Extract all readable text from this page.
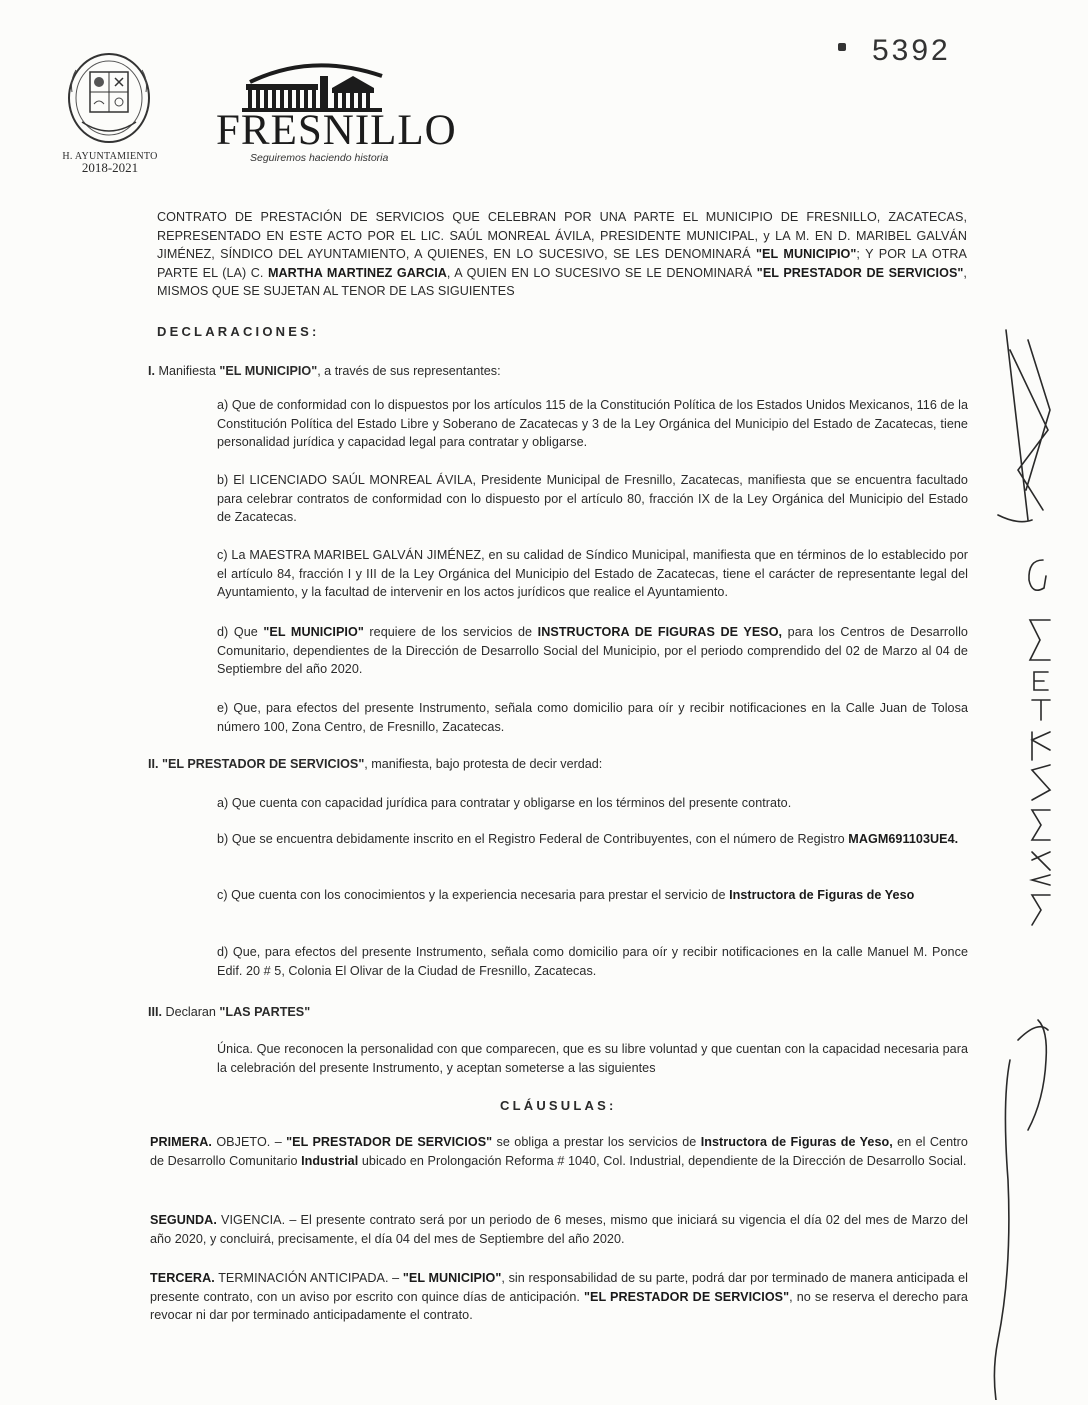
H. AYUNTAMIENTO
2018-2021
FRESNILLO
Seguiremos haciendo historia
5392
CONTRATO DE PRESTACIÓN DE SERVICIOS QUE CELEBRAN POR UNA PARTE EL MUNICIPIO DE FRESNILLO, ZACATECAS, REPRESENTADO EN ESTE ACTO POR EL LIC. SAÚL MONREAL ÁVILA, PRESIDENTE MUNICIPAL, y LA M. EN D. MARIBEL GALVÁN JIMÉNEZ, SÍNDICO DEL AYUNTAMIENTO, A QUIENES, EN LO SUCESIVO, SE LES DENOMINARÁ "EL MUNICIPIO"; Y POR LA OTRA PARTE EL (LA) C. MARTHA MARTINEZ GARCIA, A QUIEN EN LO SUCESIVO SE LE DENOMINARÁ "EL PRESTADOR DE SERVICIOS", MISMOS QUE SE SUJETAN AL TENOR DE LAS SIGUIENTES
DECLARACIONES:
I. Manifiesta "EL MUNICIPIO", a través de sus representantes:
a) Que de conformidad con lo dispuestos por los artículos 115 de la Constitución Política de los Estados Unidos Mexicanos, 116 de la Constitución Política del Estado Libre y Soberano de Zacatecas y 3 de la Ley Orgánica del Municipio del Estado de Zacatecas, tiene personalidad jurídica y capacidad legal para contratar y obligarse.
b) El LICENCIADO SAÚL MONREAL ÁVILA, Presidente Municipal de Fresnillo, Zacatecas, manifiesta que se encuentra facultado para celebrar contratos de conformidad con lo dispuesto por el artículo 80, fracción IX de la Ley Orgánica del Municipio del Estado de Zacatecas.
c) La MAESTRA MARIBEL GALVÁN JIMÉNEZ, en su calidad de Síndico Municipal, manifiesta que en términos de lo establecido por el artículo 84, fracción I y III de la Ley Orgánica del Municipio del Estado de Zacatecas, tiene el carácter de representante legal del Ayuntamiento, y la facultad de intervenir en los actos jurídicos que realice el Ayuntamiento.
d) Que "EL MUNICIPIO" requiere de los servicios de INSTRUCTORA DE FIGURAS DE YESO, para los Centros de Desarrollo Comunitario, dependientes de la Dirección de Desarrollo Social del Municipio, por el periodo comprendido del 02 de Marzo al 04 de Septiembre del año 2020.
e) Que, para efectos del presente Instrumento, señala como domicilio para oír y recibir notificaciones en la Calle Juan de Tolosa número 100, Zona Centro, de Fresnillo, Zacatecas.
II. "EL PRESTADOR DE SERVICIOS", manifiesta, bajo protesta de decir verdad:
a) Que cuenta con capacidad jurídica para contratar y obligarse en los términos del presente contrato.
b) Que se encuentra debidamente inscrito en el Registro Federal de Contribuyentes, con el número de Registro MAGM691103UE4.
c) Que cuenta con los conocimientos y la experiencia necesaria para prestar el servicio de Instructora de Figuras de Yeso
d) Que, para efectos del presente Instrumento, señala como domicilio para oír y recibir notificaciones en la calle Manuel M. Ponce Edif. 20 # 5, Colonia El Olivar de la Ciudad de Fresnillo, Zacatecas.
III. Declaran "LAS PARTES"
Única. Que reconocen la personalidad con que comparecen, que es su libre voluntad y que cuentan con la capacidad necesaria para la celebración del presente Instrumento, y aceptan someterse a las siguientes
CLÁUSULAS:
PRIMERA. OBJETO. – "EL PRESTADOR DE SERVICIOS" se obliga a prestar los servicios de Instructora de Figuras de Yeso, en el Centro de Desarrollo Comunitario Industrial ubicado en Prolongación Reforma # 1040, Col. Industrial, dependiente de la Dirección de Desarrollo Social.
SEGUNDA. VIGENCIA. – El presente contrato será por un periodo de 6 meses, mismo que iniciará su vigencia el día 02 del mes de Marzo del año 2020, y concluirá, precisamente, el día 04 del mes de Septiembre del año 2020.
TERCERA. TERMINACIÓN ANTICIPADA. – "EL MUNICIPIO", sin responsabilidad de su parte, podrá dar por terminado de manera anticipada el presente contrato, con un aviso por escrito con quince días de anticipación. "EL PRESTADOR DE SERVICIOS", no se reserva el derecho para revocar ni dar por terminado anticipadamente el contrato.
